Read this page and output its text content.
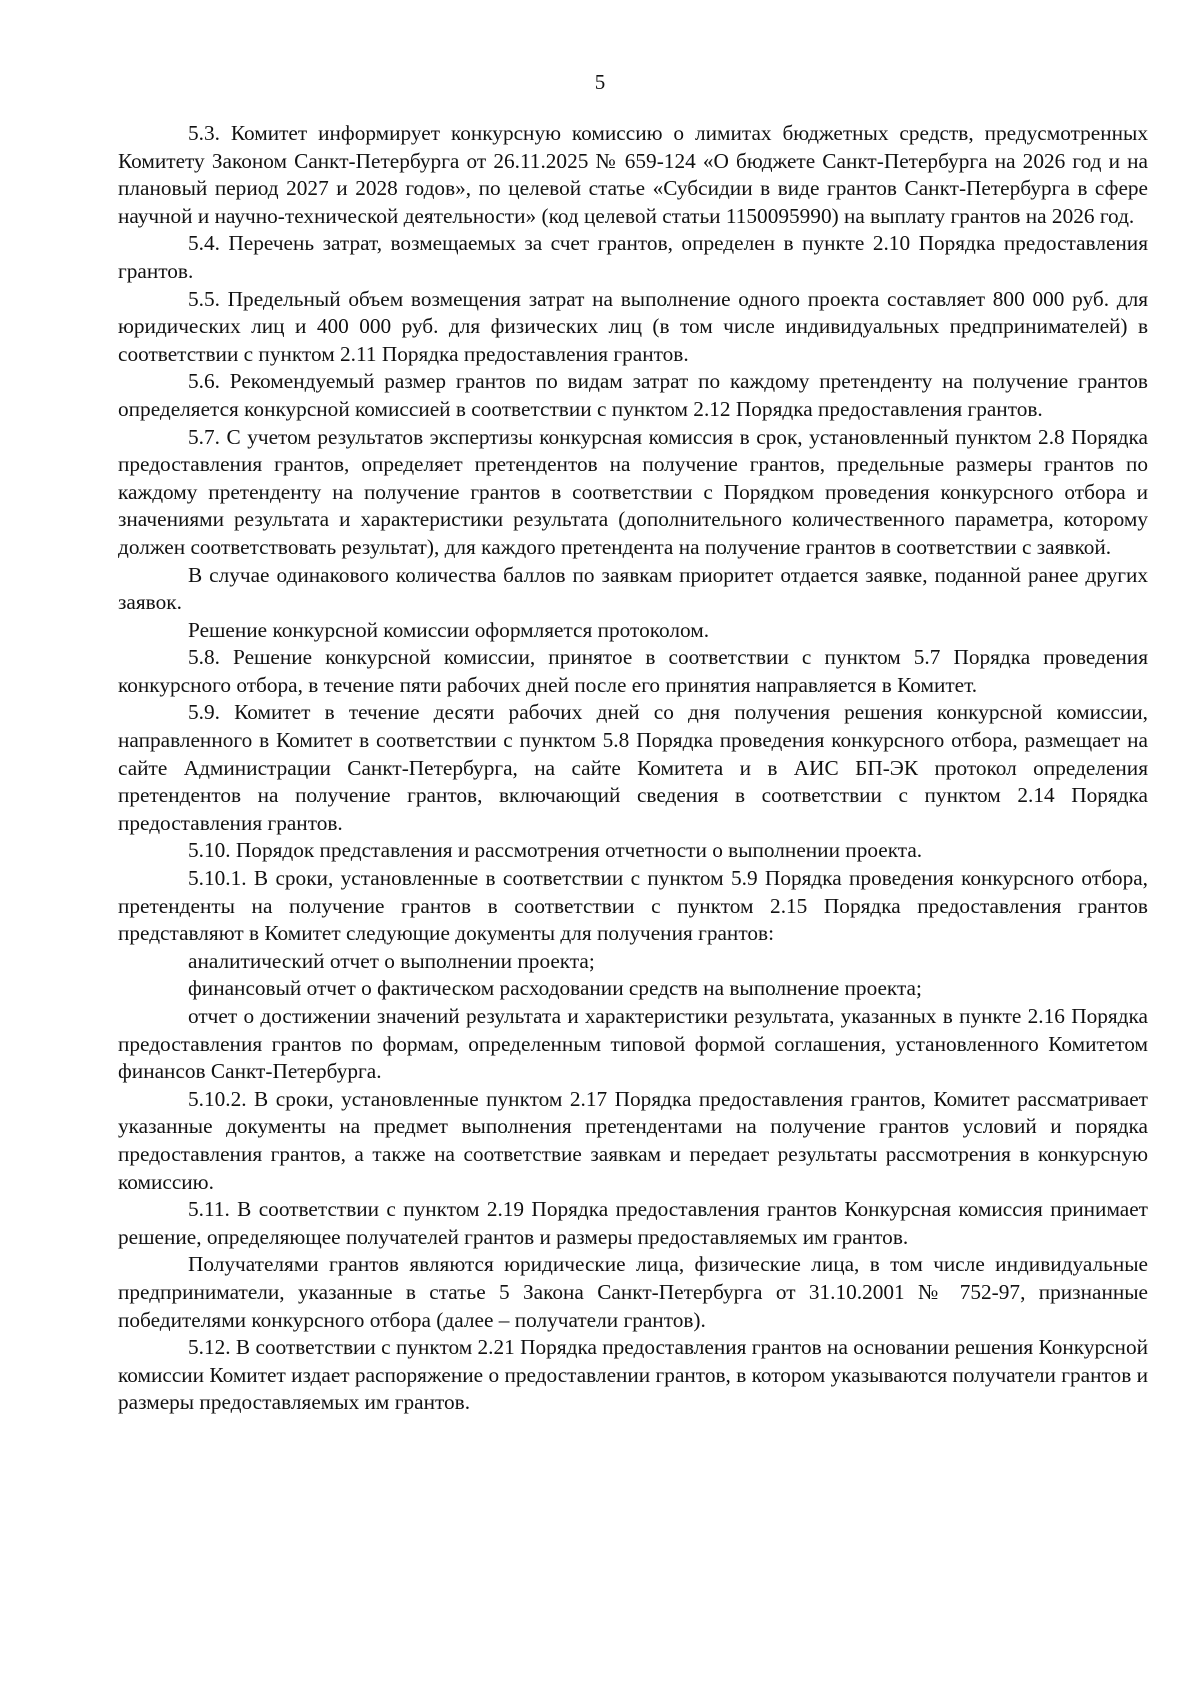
5

5.3. Комитет информирует конкурсную комиссию о лимитах бюджетных средств, предусмотренных Комитету Законом Санкт-Петербурга от 26.11.2025 № 659-124 «О бюджете Санкт-Петербурга на 2026 год и на плановый период 2027 и 2028 годов», по целевой статье «Субсидии в виде грантов Санкт-Петербурга в сфере научной и научно-технической деятельности» (код целевой статьи 1150095990) на выплату грантов на 2026 год.

5.4. Перечень затрат, возмещаемых за счет грантов, определен в пункте 2.10 Порядка предоставления грантов.

5.5. Предельный объем возмещения затрат на выполнение одного проекта составляет 800 000 руб. для юридических лиц и 400 000 руб. для физических лиц (в том числе индивидуальных предпринимателей) в соответствии с пунктом 2.11 Порядка предоставления грантов.

5.6. Рекомендуемый размер грантов по видам затрат по каждому претенденту на получение грантов определяется конкурсной комиссией в соответствии с пунктом 2.12 Порядка предоставления грантов.

5.7. С учетом результатов экспертизы конкурсная комиссия в срок, установленный пунктом 2.8 Порядка предоставления грантов, определяет претендентов на получение грантов, предельные размеры грантов по каждому претенденту на получение грантов в соответствии с Порядком проведения конкурсного отбора и значениями результата и характеристики результата (дополнительного количественного параметра, которому должен соответствовать результат), для каждого претендента на получение грантов в соответствии с заявкой.

В случае одинакового количества баллов по заявкам приоритет отдается заявке, поданной ранее других заявок.

Решение конкурсной комиссии оформляется протоколом.

5.8. Решение конкурсной комиссии, принятое в соответствии с пунктом 5.7 Порядка проведения конкурсного отбора, в течение пяти рабочих дней после его принятия направляется в Комитет.

5.9. Комитет в течение десяти рабочих дней со дня получения решения конкурсной комиссии, направленного в Комитет в соответствии с пунктом 5.8 Порядка проведения конкурсного отбора, размещает на сайте Администрации Санкт-Петербурга, на сайте Комитета и в АИС БП-ЭК протокол определения претендентов на получение грантов, включающий сведения в соответствии с пунктом 2.14 Порядка предоставления грантов.

5.10. Порядок представления и рассмотрения отчетности о выполнении проекта.

5.10.1. В сроки, установленные в соответствии с пунктом 5.9 Порядка проведения конкурсного отбора, претенденты на получение грантов в соответствии с пунктом 2.15 Порядка предоставления грантов представляют в Комитет следующие документы для получения грантов:

аналитический отчет о выполнении проекта;

финансовый отчет о фактическом расходовании средств на выполнение проекта;

отчет о достижении значений результата и характеристики результата, указанных в пункте 2.16 Порядка предоставления грантов по формам, определенным типовой формой соглашения, установленного Комитетом финансов Санкт-Петербурга.

5.10.2. В сроки, установленные пунктом 2.17 Порядка предоставления грантов, Комитет рассматривает указанные документы на предмет выполнения претендентами на получение грантов условий и порядка предоставления грантов, а также на соответствие заявкам и передает результаты рассмотрения в конкурсную комиссию.

5.11. В соответствии с пунктом 2.19 Порядка предоставления грантов Конкурсная комиссия принимает решение, определяющее получателей грантов и размеры предоставляемых им грантов.

Получателями грантов являются юридические лица, физические лица, в том числе индивидуальные предприниматели, указанные в статье 5 Закона Санкт-Петербурга от 31.10.2001 № 752-97, признанные победителями конкурсного отбора (далее – получатели грантов).

5.12. В соответствии с пунктом 2.21 Порядка предоставления грантов на основании решения Конкурсной комиссии Комитет издает распоряжение о предоставлении грантов, в котором указываются получатели грантов и размеры предоставляемых им грантов.
